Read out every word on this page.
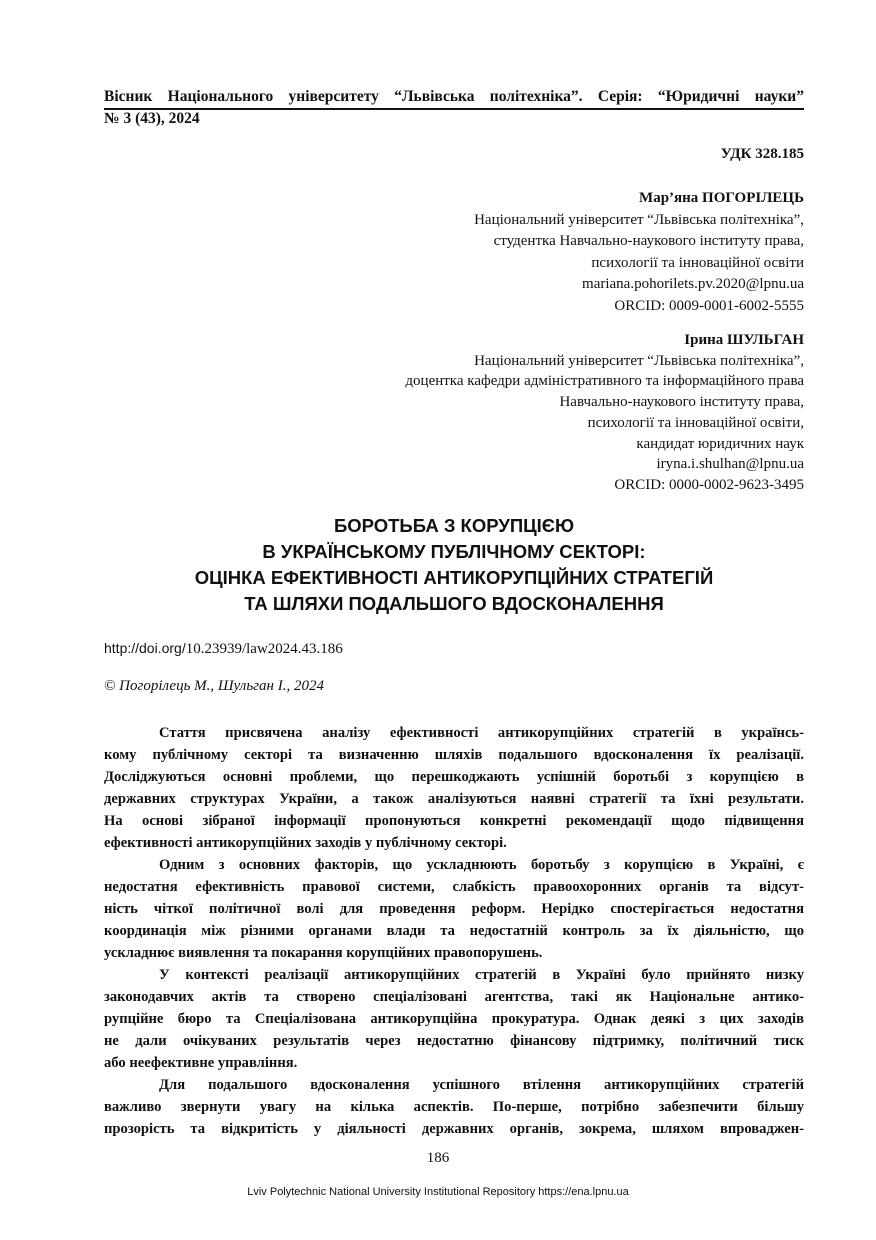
Вісник Національного університету “Львівська політехніка”. Серія: “Юридичні науки”
№ 3 (43), 2024
УДК 328.185
Мар’яна ПОГОРІЛЕЦЬ
Національний університет “Львівська політехніка”,
студентка Навчально-наукового інституту права,
психології та інноваційної освіти
mariana.pohorilets.pv.2020@lpnu.ua
ORCID: 0009-0001-6002-5555
Ірина ШУЛЬГАН
Національний університет “Львівська політехніка”,
доцентка кафедри адміністративного та інформаційного права
Навчально-наукового інституту права,
психології та інноваційної освіти,
кандидат юридичних наук
iryna.i.shulhan@lpnu.ua
ORCID: 0000-0002-9623-3495
БОРОТЬБА З КОРУПЦІЄЮ
В УКРАЇНСЬКОМУ ПУБЛІЧНОМУ СЕКТОРІ:
ОЦІНКА ЕФЕКТИВНОСТІ АНТИКОРУПЦІЙНИХ СТРАТЕГІЙ
ТА ШЛЯХИ ПОДАЛЬШОГО ВДОСКОНАЛЕННЯ
http://doi.org/10.23939/law2024.43.186
© Погорілець М., Шульган І., 2024
Стаття присвячена аналізу ефективності антикорупційних стратегій в українсь-
кому публічному секторі та визначенню шляхів подальшого вдосконалення їх реалізації.
Досліджуються основні проблеми, що перешкоджають успішній боротьбі з корупцією в
державних структурах України, а також аналізуються наявні стратегії та їхні результати.
На основі зібраної інформації пропонуються конкретні рекомендації щодо підвищення
ефективності антикорупційних заходів у публічному секторі.
Одним з основних факторів, що ускладнюють боротьбу з корупцією в Україні, є
недостатня ефективність правової системи, слабкість правоохоронних органів та відсут-
ність чіткої політичної волі для проведення реформ. Нерідко спостерігається недостатня
координація між різними органами влади та недостатній контроль за їх діяльністю, що
ускладнює виявлення та покарання корупційних правопорушень.
У контексті реалізації антикорупційних стратегій в Україні було прийнято низку
законодавчих актів та створено спеціалізовані агентства, такі як Національне антико-
рупційне бюро та Спеціалізована антикорупційна прокуратура. Однак деякі з цих заходів
не дали очікуваних результатів через недостатню фінансову підтримку, політичний тиск
або неефективне управління.
Для подальшого вдосконалення успішного втілення антикорупційних стратегій
важливо звернути увагу на кілька аспектів. По-перше, потрібно забезпечити більшу
прозорість та відкритість у діяльності державних органів, зокрема, шляхом впроваджен-
186
Lviv Polytechnic National University Institutional Repository https://ena.lpnu.ua
